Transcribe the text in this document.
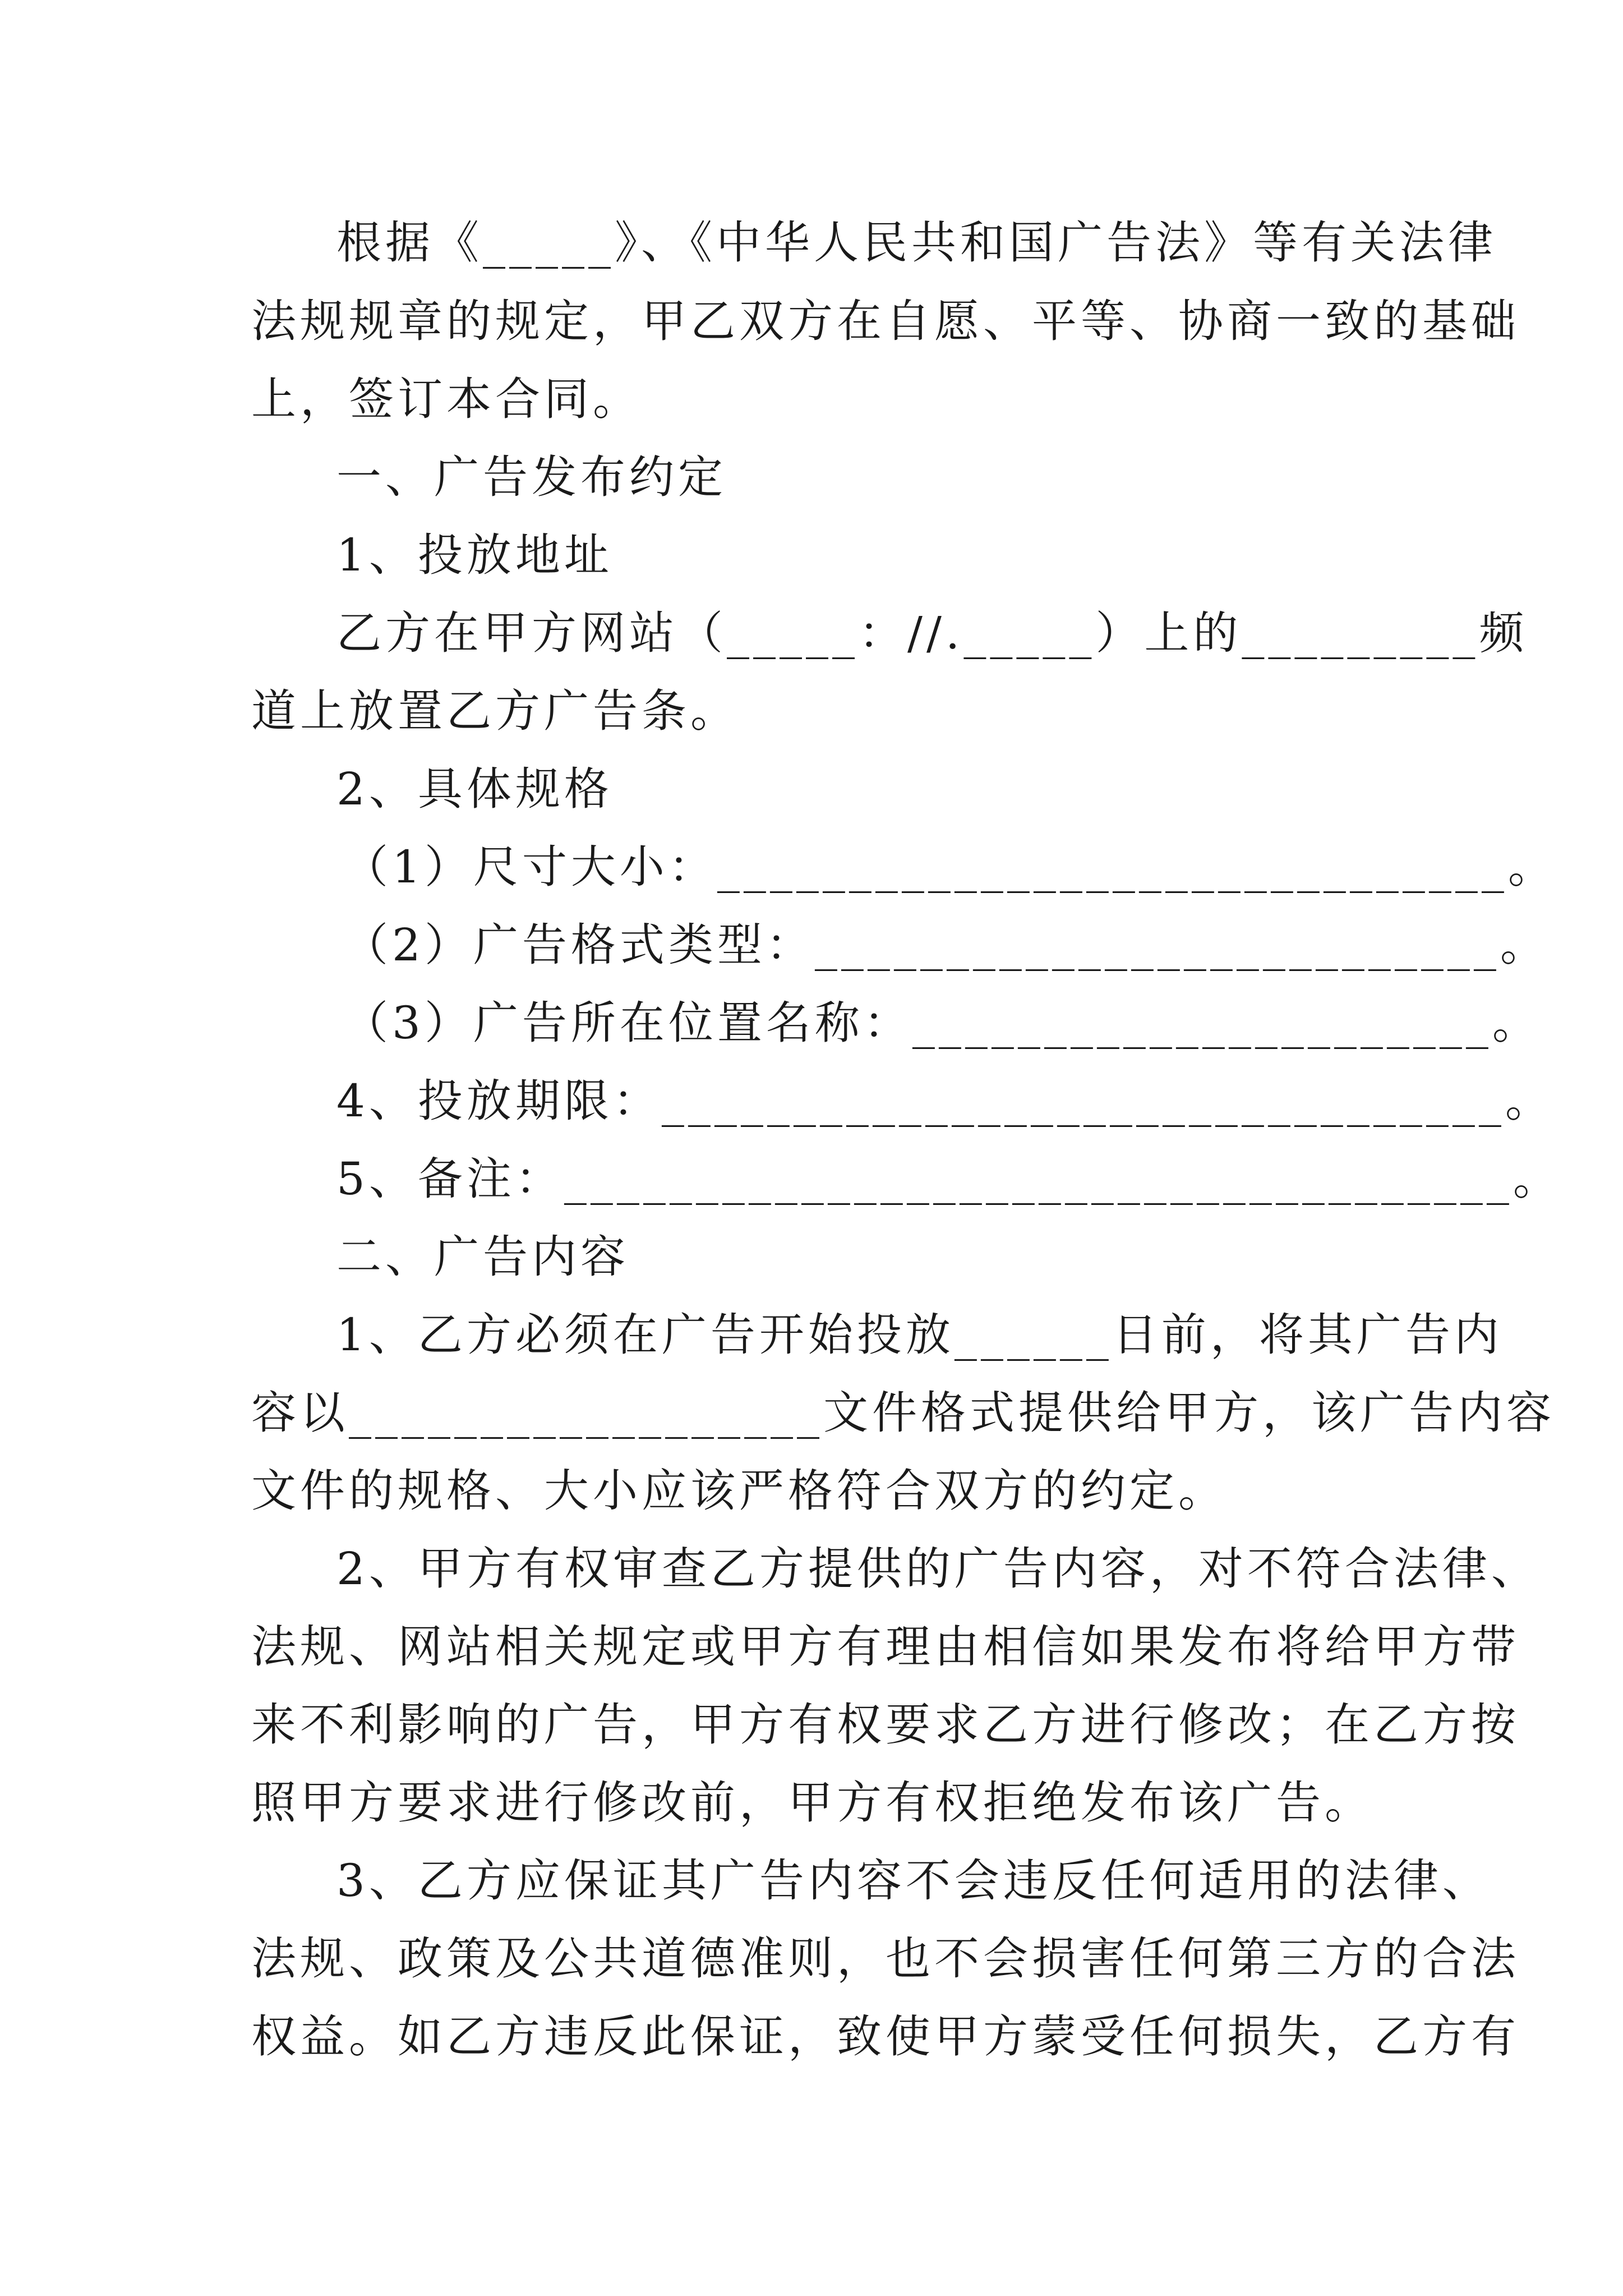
根据《_____》、《中华人民共和国广告法》等有关法律
法规规章的规定，甲乙双方在自愿、平等、协商一致的基础
上，签订本合同。
一、广告发布约定
1、投放地址
乙方在甲方网站（_____：//._____）上的_________频
道上放置乙方广告条。
2、具体规格
（1）尺寸大小：______________________________。
（2）广告格式类型：__________________________。
（3）广告所在位置名称：______________________。
4、投放期限：________________________________。
5、备注：____________________________________。
二、广告内容
1、乙方必须在广告开始投放______日前，将其广告内
容以__________________文件格式提供给甲方，该广告内容
文件的规格、大小应该严格符合双方的约定。
2、甲方有权审查乙方提供的广告内容，对不符合法律、
法规、网站相关规定或甲方有理由相信如果发布将给甲方带
来不利影响的广告，甲方有权要求乙方进行修改；在乙方按
照甲方要求进行修改前，甲方有权拒绝发布该广告。
3、乙方应保证其广告内容不会违反任何适用的法律、
法规、政策及公共道德准则，也不会损害任何第三方的合法
权益。如乙方违反此保证，致使甲方蒙受任何损失，乙方有
